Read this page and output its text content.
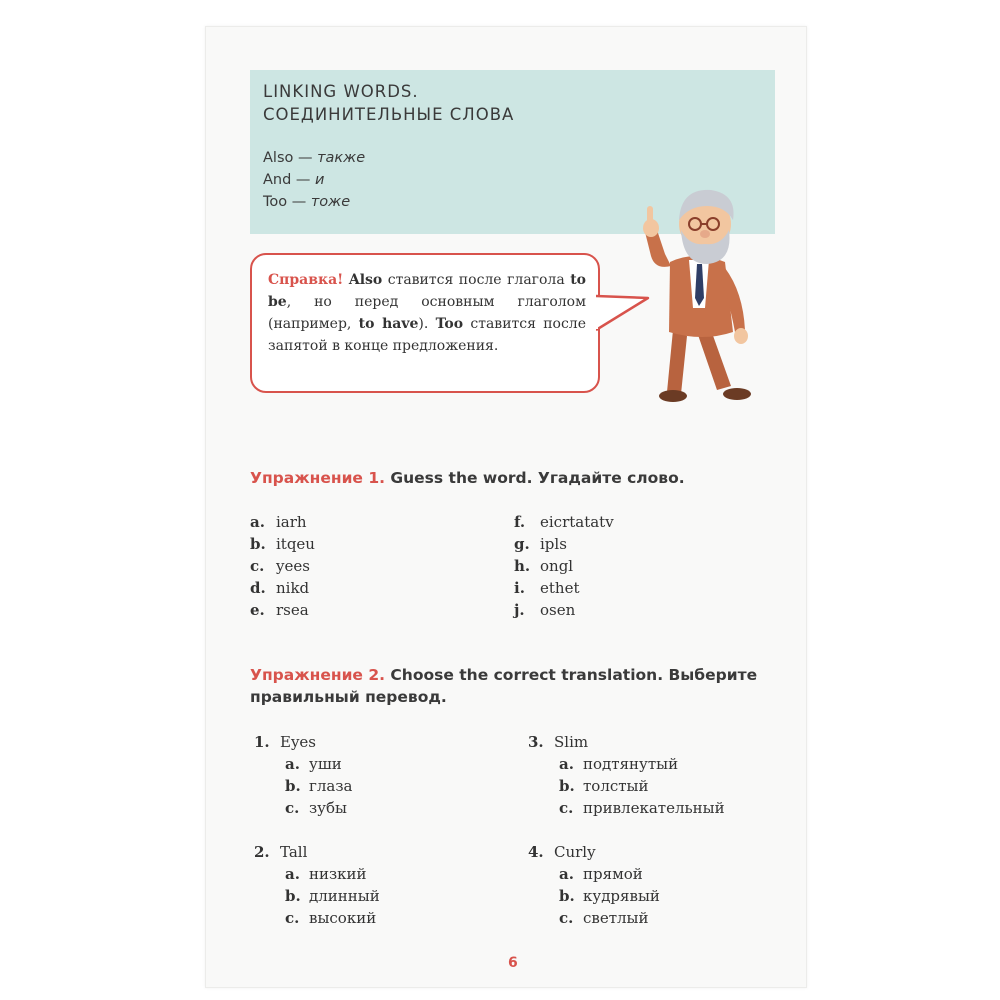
LINKING WORDS.
СОЕДИНИТЕЛЬНЫЕ СЛОВА
Also — также
And — и
Too — тоже
Справка! Also ставится после глагола to be, но перед основным глаголом (например, to have). Too ставится после запятой в конце предложения.
Упражнение 1. Guess the word. Угадайте слово.
a. iarh
b. itqeu
c. yees
d. nikd
e. rsea
f. eicrtatatv
g. ipls
h. ongl
i. ethet
j. osen
Упражнение 2. Choose the correct translation. Выберите
правильный перевод.
1. Eyes
a. уши
b. глаза
c. зубы
2. Tall
a. низкий
b. длинный
c. высокий
3. Slim
a. подтянутый
b. толстый
c. привлекательный
4. Curly
a. прямой
b. кудрявый
c. светлый
6
